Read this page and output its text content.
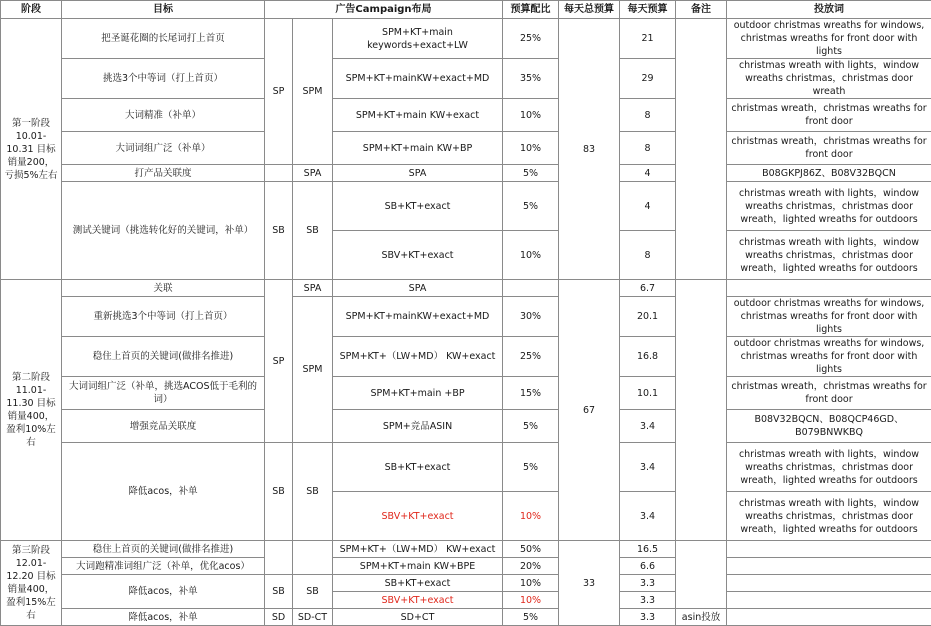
阶段	目标	广告Campaign布局			预算配比	每天总预算	每天预算	备注	投放词
第一阶段 10.01-10.31 目标销量200，亏损5%左右	把圣诞花圈的长尾词打上首页	SP	SPM	SPM+KT+main keywords+exact+LW	25%	83	21		outdoor christmas wreaths for windows, christmas wreaths for front door with lights
	挑选3个中等词（打上首页）			SPM+KT+mainKW+exact+MD	35%		29		christmas wreath with lights，window wreaths christmas，christmas door wreath
	大词精准（补单）			SPM+KT+main KW+exact	10%		8		christmas wreath，christmas wreaths for front door
	大词词组广泛（补单）			SPM+KT+main KW+BP	10%		8		christmas wreath，christmas wreaths for front door
	打产品关联度		SPA	SPA	5%		4		B08GKPJ86Z、B08V32BQCN
	测试关键词（挑选转化好的关键词，补单）	SB	SB	SB+KT+exact	5%		4		christmas wreath with lights，window wreaths christmas，christmas door wreath，lighted wreaths for outdoors
				SBV+KT+exact	10%		8		christmas wreath with lights，window wreaths christmas，christmas door wreath，lighted wreaths for outdoors
第二阶段 11.01-11.30 目标销量400，盈利10%左右	关联	SP	SPA	SPA		67	6.7		
	重新挑选3个中等词（打上首页）		SPM	SPM+KT+mainKW+exact+MD	30%		20.1		outdoor christmas wreaths for windows, christmas wreaths for front door with lights
	稳住上首页的关键词(做排名推进)			SPM+KT+（LW+MD） KW+exact	25%		16.8		outdoor christmas wreaths for windows, christmas wreaths for front door with lights
	大词词组广泛（补单，挑选ACOS低于毛利的词）			SPM+KT+main +BP	15%		10.1		christmas wreath，christmas wreaths for front door
	增强竞品关联度			SPM+竞品ASIN	5%		3.4		B08V32BQCN、B08QCP46GD、B079BNWKBQ
	降低acos，补单	SB	SB	SB+KT+exact	5%		3.4		christmas wreath with lights，window wreaths christmas，christmas door wreath，lighted wreaths for outdoors
				SBV+KT+exact	10%		3.4		christmas wreath with lights，window wreaths christmas，christmas door wreath，lighted wreaths for outdoors
第三阶段 12.01-12.20 目标销量400，盈利15%左右	稳住上首页的关键词(做排名推进)			SPM+KT+（LW+MD） KW+exact	50%	33	16.5		
	大词跑精准词组广泛（补单，优化acos）			SPM+KT+main KW+BPE	20%		6.6		
	降低acos，补单	SB	SB	SB+KT+exact	10%		3.3		
				SBV+KT+exact	10%		3.3		
	降低acos，补单	SD	SD-CT	SD+CT	5%		3.3	asin投放	
